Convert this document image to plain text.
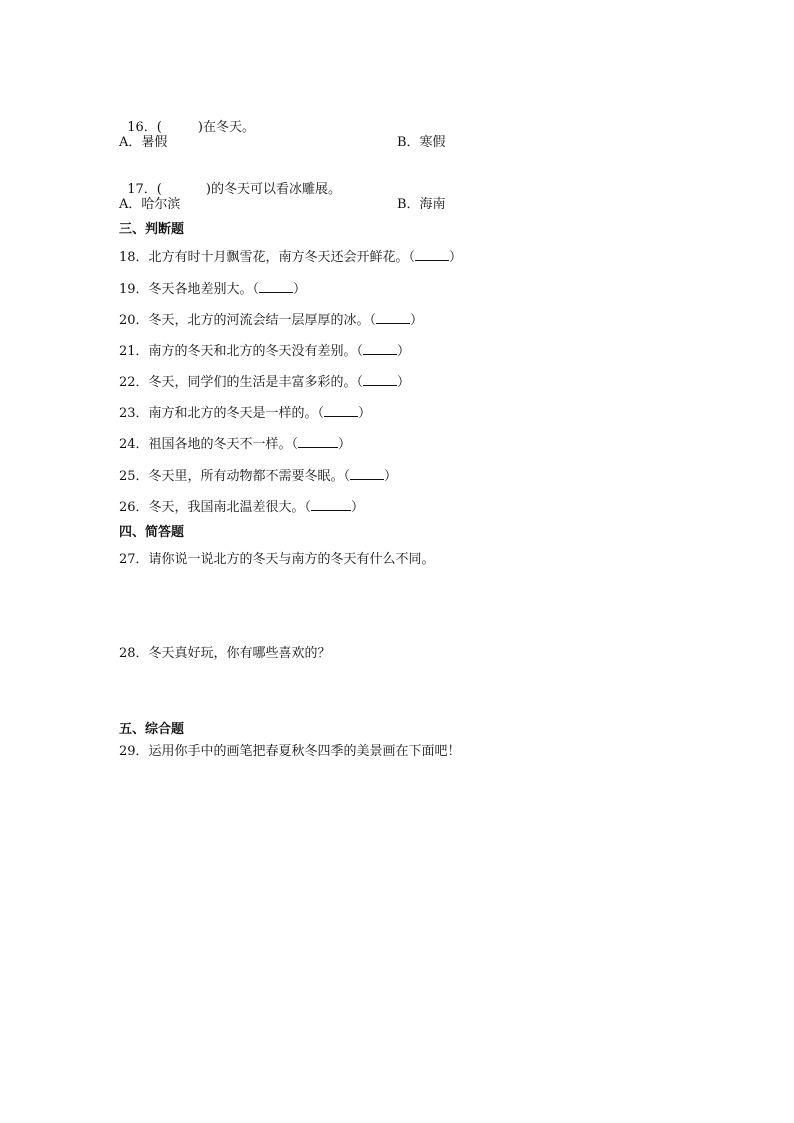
16．(	)在冬天。

A．暑假	B．寒假

17．(	)的冬天可以看冰雕展。

A．哈尔滨	B．海南
三、判断题
18．北方有时十月飘雪花，南方冬天还会开鲜花。（	）
19．冬天各地差别大。（	）
20．冬天，北方的河流会结一层厚厚的冰。（	）
21．南方的冬天和北方的冬天没有差别。（	）
22．冬天，同学们的生活是丰富多彩的。（	）
23．南方和北方的冬天是一样的。（	）
24．祖国各地的冬天不一样。（	）
25．冬天里，所有动物都不需要冬眠。（	）
26．冬天，我国南北温差很大。（	）
四、简答题
27．请你说一说北方的冬天与南方的冬天有什么不同。
28．冬天真好玩，你有哪些喜欢的？
五、综合题
29．运用你手中的画笔把春夏秋冬四季的美景画在下面吧！
